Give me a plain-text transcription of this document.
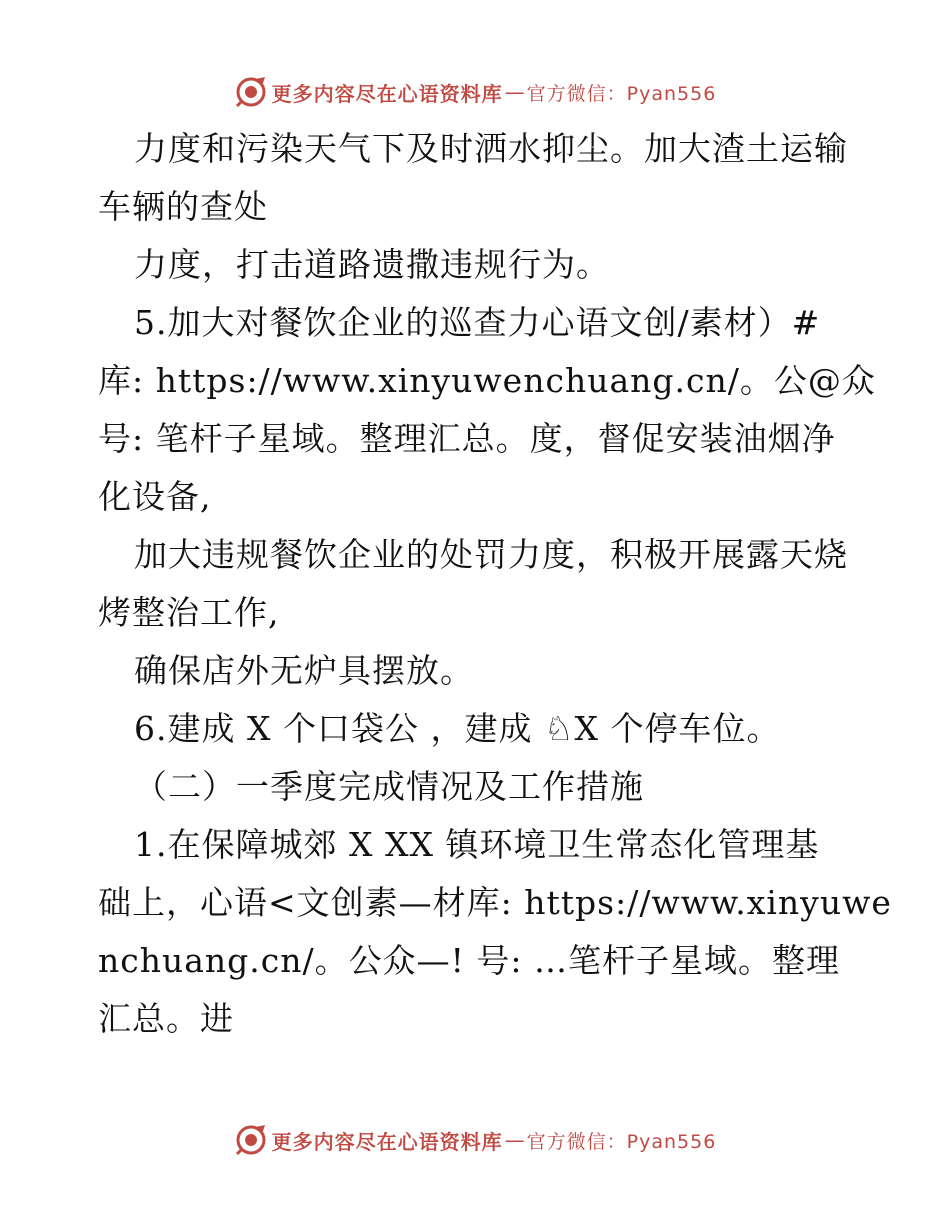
更多内容尽在心语资料库 — 官方微信：Pyan556
力度和污染天气下及时洒水抑尘。加大渣土运输
车辆的查处
力度，打击道路遗撒违规行为。
5.加大对餐饮企业的巡查力心语文创/素材）#
库: https://www.xinyuwenchuang.cn/。公@众
号: 笔杆子星域。整理汇总。度，督促安装油烟净
化设备,
加大违规餐饮企业的处罚力度，积极开展露天烧
烤整治工作,
确保店外无炉具摆放。
6.建成 X 个口袋公 ，建成 ♘X 个停车位。
（二）一季度完成情况及工作措施
1.在保障城郊 X XX 镇环境卫生常态化管理基
础上，心语<文创素—材库: https://www.xinyuwe
nchuang.cn/。公众—! 号: …笔杆子星域。整理
汇总。进
更多内容尽在心语资料库 — 官方微信：Pyan556
